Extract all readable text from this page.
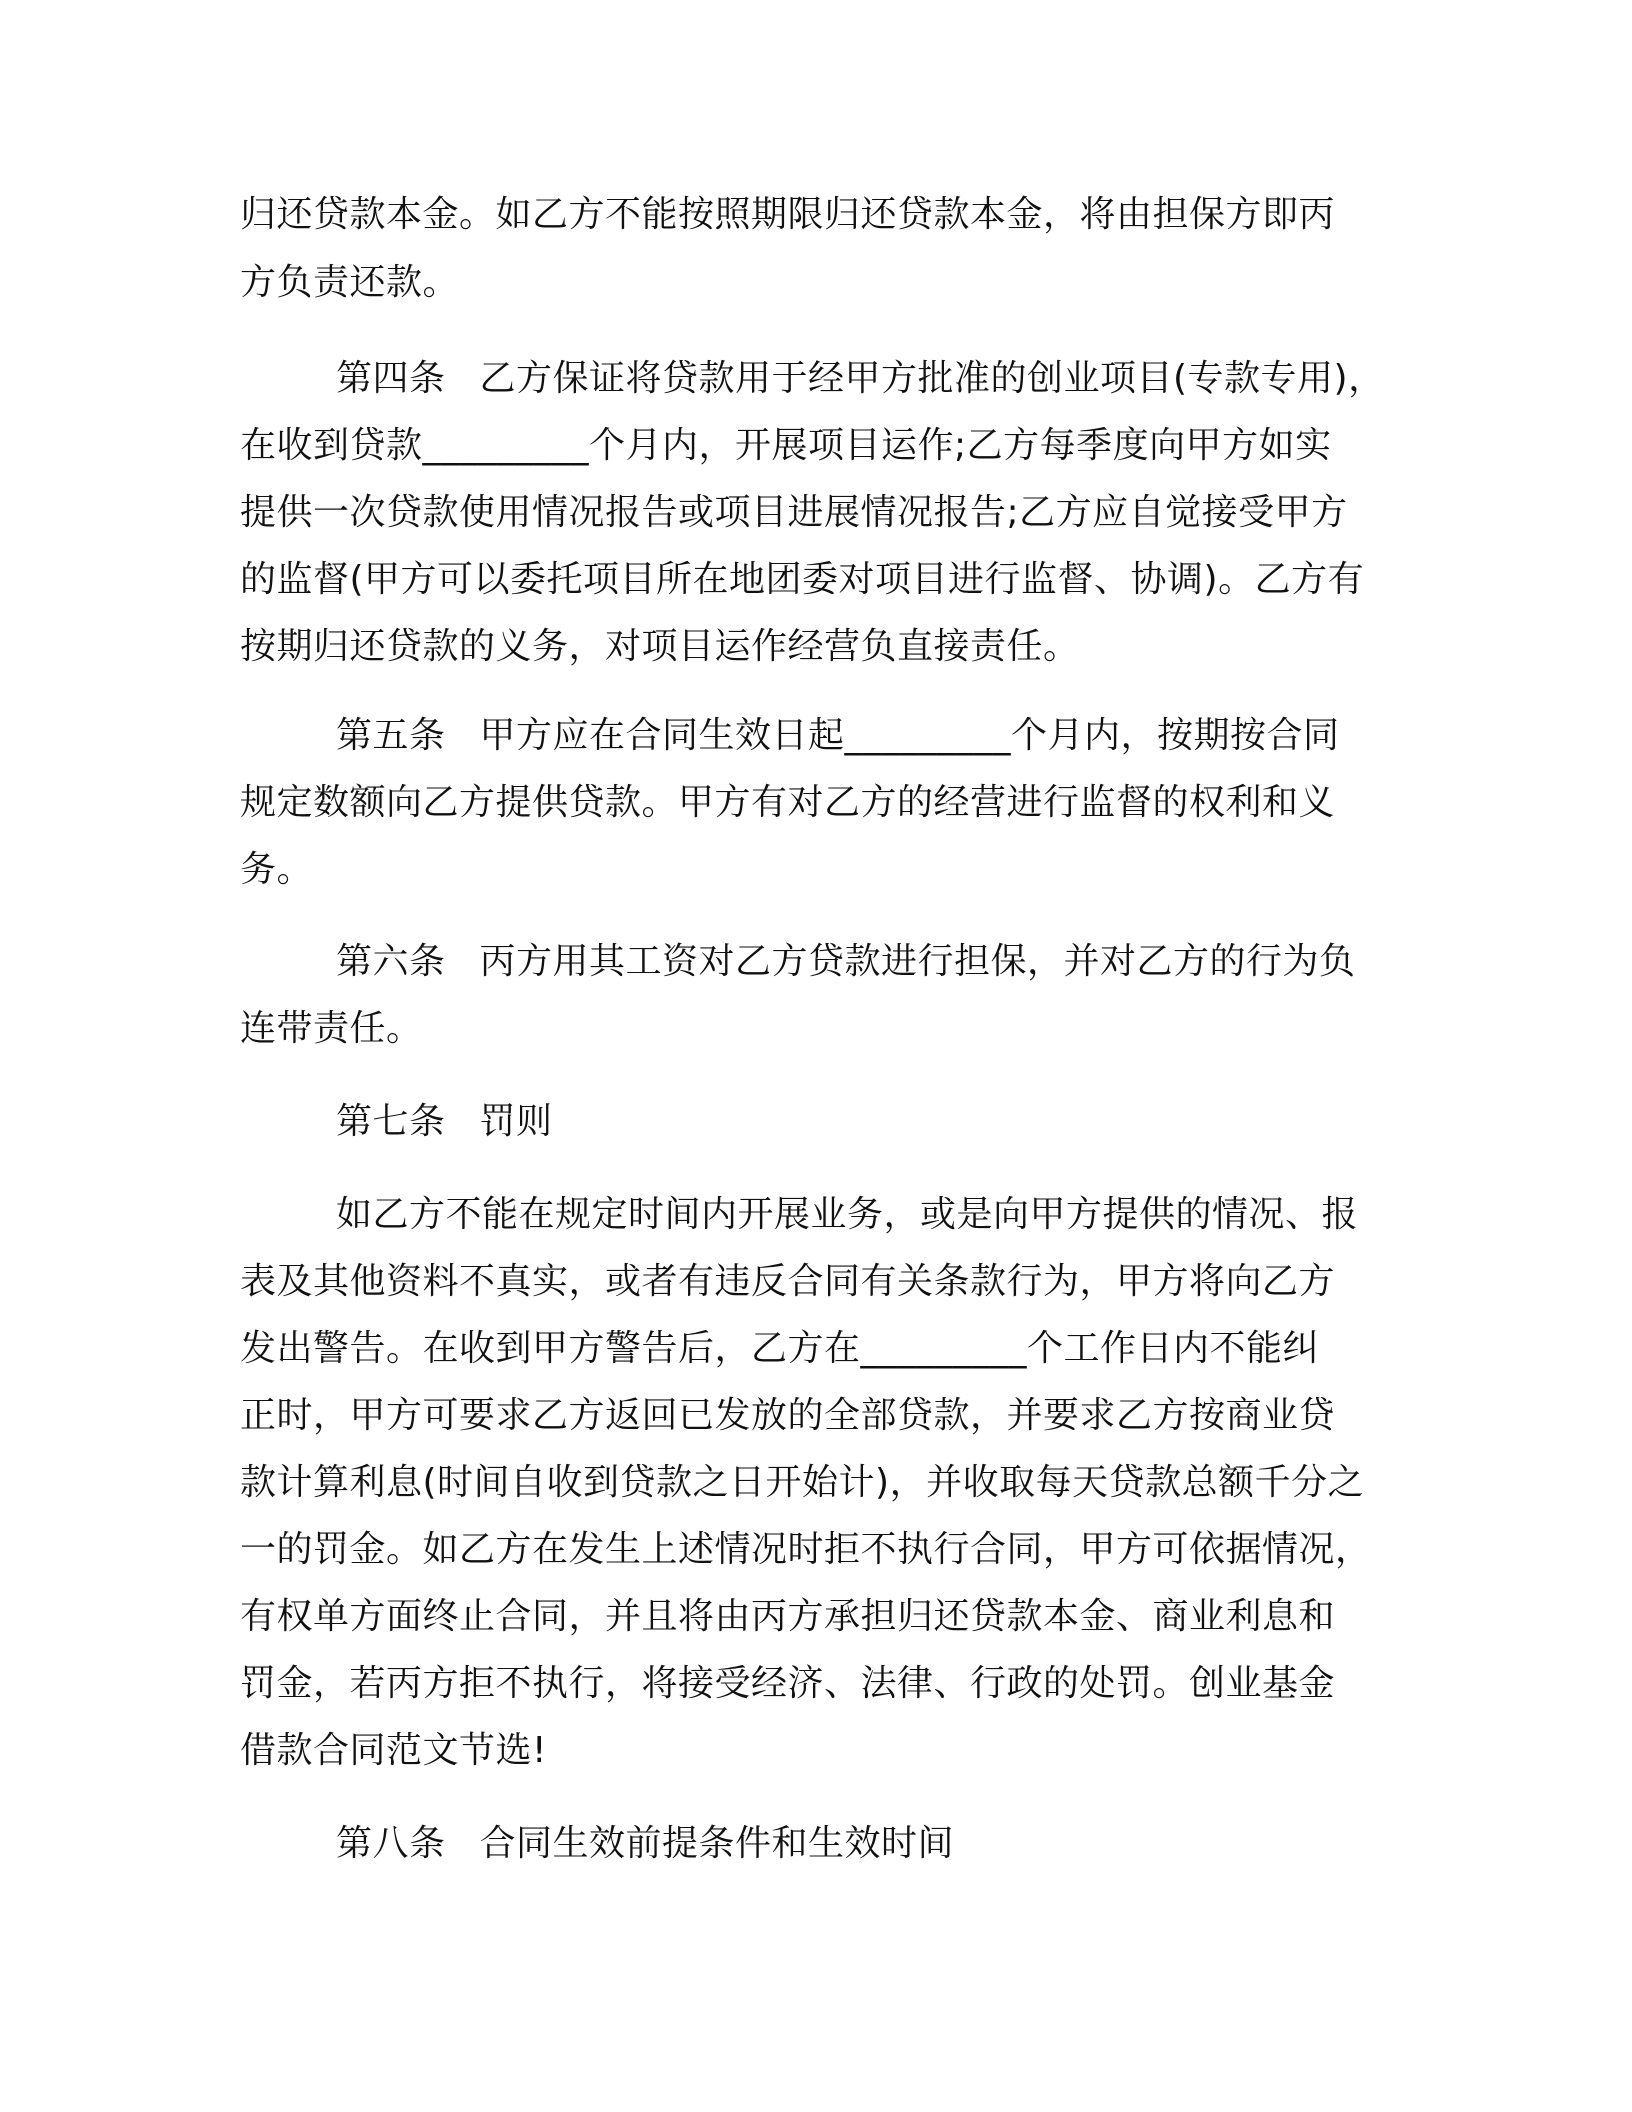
归还贷款本金。如乙方不能按照期限归还贷款本金，将由担保方即丙
方负责还款。
第四条 乙方保证将贷款用于经甲方批准的创业项目(专款专用)，
在收到贷款_________个月内，开展项目运作;乙方每季度向甲方如实
提供一次贷款使用情况报告或项目进展情况报告;乙方应自觉接受甲方
的监督(甲方可以委托项目所在地团委对项目进行监督、协调)。乙方有
按期归还贷款的义务，对项目运作经营负直接责任。
第五条 甲方应在合同生效日起_________个月内，按期按合同
规定数额向乙方提供贷款。甲方有对乙方的经营进行监督的权利和义
务。
第六条 丙方用其工资对乙方贷款进行担保，并对乙方的行为负
连带责任。
第七条 罚则
如乙方不能在规定时间内开展业务，或是向甲方提供的情况、报
表及其他资料不真实，或者有违反合同有关条款行为，甲方将向乙方
发出警告。在收到甲方警告后，乙方在_________个工作日内不能纠
正时，甲方可要求乙方返回已发放的全部贷款，并要求乙方按商业贷
款计算利息(时间自收到贷款之日开始计)，并收取每天贷款总额千分之
一的罚金。如乙方在发生上述情况时拒不执行合同，甲方可依据情况，
有权单方面终止合同，并且将由丙方承担归还贷款本金、商业利息和
罚金，若丙方拒不执行，将接受经济、法律、行政的处罚。创业基金
借款合同范文节选!
第八条 合同生效前提条件和生效时间
